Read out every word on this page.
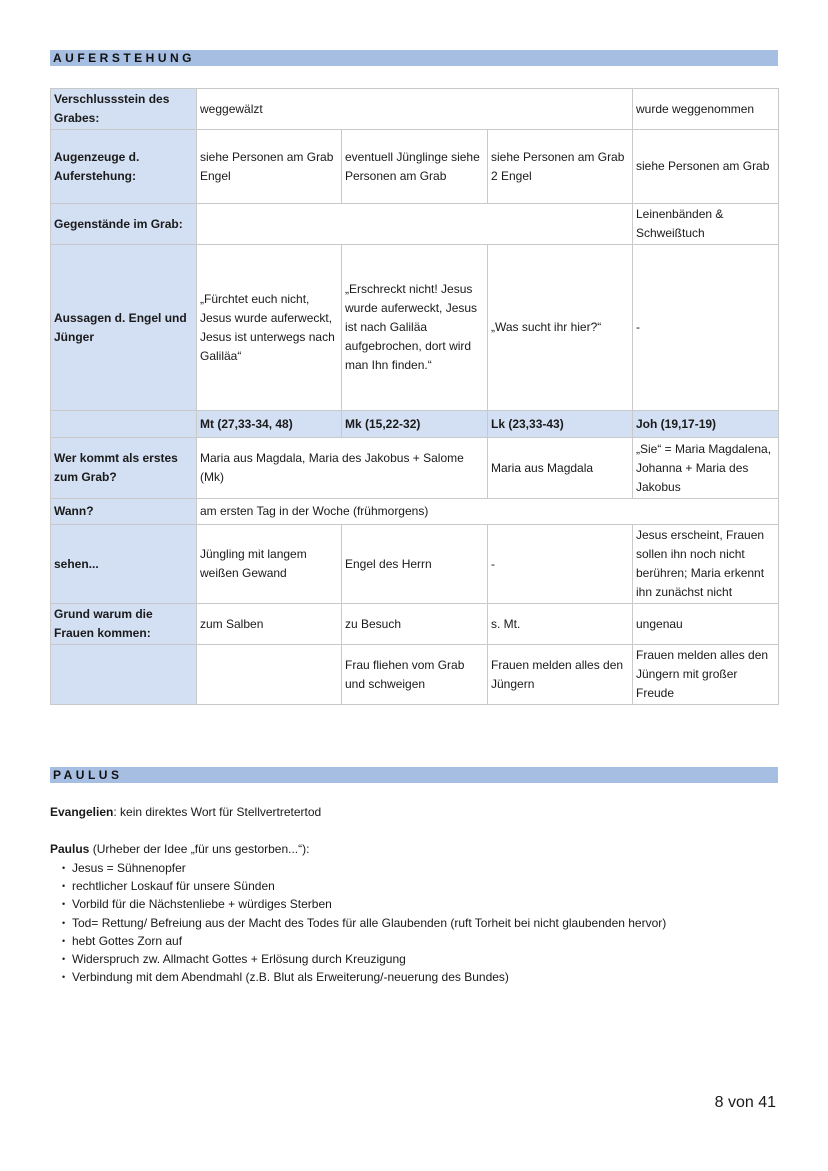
AUFERSTEHUNG
Verschlussstein des Grabes:	weggewälzt			wurde weggenommen
Augenzeuge d. Auferstehung:	siehe Personen am Grab Engel	eventuell Jünglinge siehe Personen am Grab	siehe Personen am Grab 2 Engel	siehe Personen am Grab
Gegenstände im Grab:				Leinenbänden & Schweißtuch
Aussagen d. Engel und Jünger	„Fürchtet euch nicht, Jesus wurde auferweckt, Jesus ist unterwegs nach Galiläa“	„Erschreckt nicht! Jesus wurde auferweckt, Jesus ist nach Galiläa aufgebrochen, dort wird man Ihn finden.“	„Was sucht ihr hier?“	-
	Mt (27,33-34, 48)	Mk (15,22-32)	Lk (23,33-43)	Joh (19,17-19)
Wer kommt als erstes zum Grab?	Maria aus Magdala, Maria des Jakobus + Salome (Mk)		Maria aus Magdala	„Sie“ = Maria Magdalena, Johanna + Maria des Jakobus
Wann?	am ersten Tag in der Woche (frühmorgens)			
sehen...	Jüngling mit langem weißen Gewand	Engel des Herrn	-	Jesus erscheint, Frauen sollen ihn noch nicht berühren; Maria erkennt ihn zunächst nicht
Grund warum die Frauen kommen:	zum Salben	zu Besuch	s. Mt.	ungenau
		Frau fliehen vom Grab und schweigen	Frauen melden alles den Jüngern	Frauen melden alles den Jüngern mit großer Freude
PAULUS
Evangelien: kein direktes Wort für Stellvertretertod
Paulus (Urheber der Idee „für uns gestorben...“):
• Jesus = Sühnenopfer
• rechtlicher Loskauf für unsere Sünden
• Vorbild für die Nächstenliebe + würdiges Sterben
• Tod= Rettung/ Befreiung aus der Macht des Todes für alle Glaubenden (ruft Torheit bei nicht glaubenden hervor)
• hebt Gottes Zorn auf
• Widerspruch zw. Allmacht Gottes + Erlösung durch Kreuzigung
• Verbindung mit dem Abendmahl (z.B. Blut als Erweiterung/-neuerung des Bundes)
8 von 41
